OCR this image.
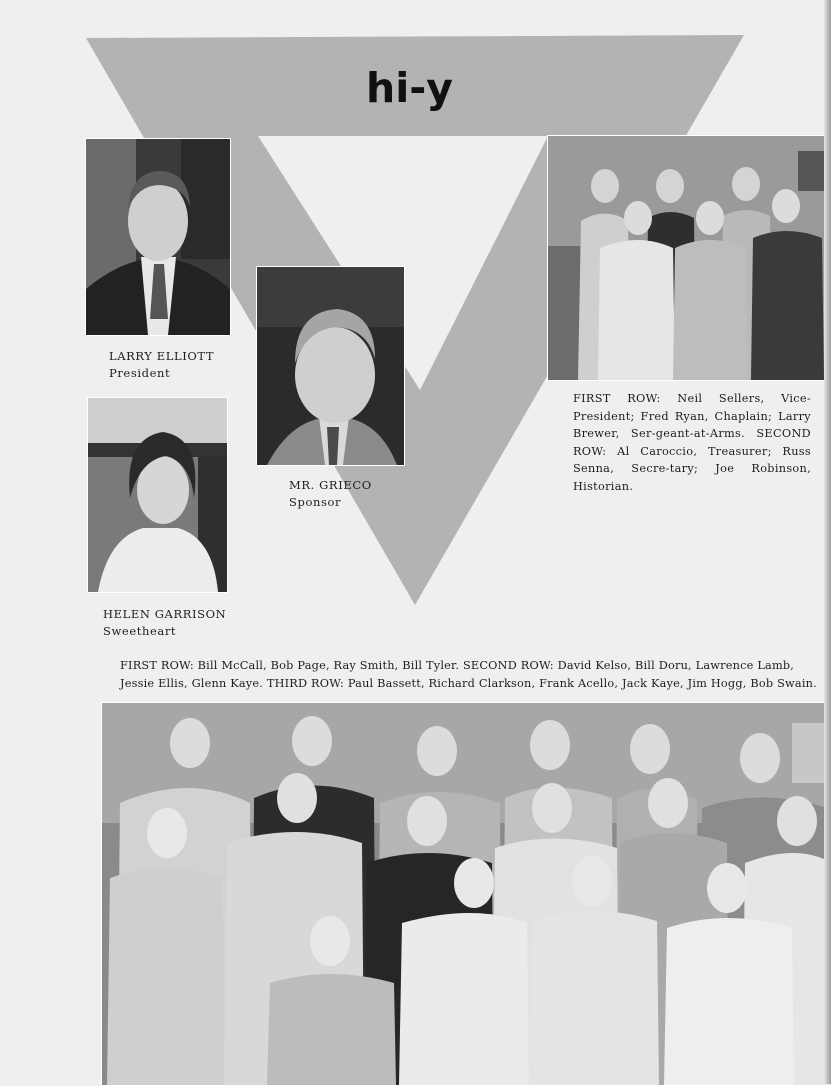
hi-y
LARRY ELLIOTT
President
MR. GRIECO
Sponsor
HELEN GARRISON
Sweetheart
FIRST ROW: Neil Sellers, Vice-President; Fred Ryan, Chaplain; Larry Brewer, Ser-geant-at-Arms. SECOND ROW: Al Caroccio, Treasurer; Russ Senna, Secre-tary; Joe Robinson, Historian.
FIRST ROW: Bill McCall, Bob Page, Ray Smith, Bill Tyler. SECOND ROW: David Kelso, Bill Doru, Lawrence Lamb, Jessie Ellis, Glenn Kaye. THIRD ROW: Paul Bassett, Richard Clarkson, Frank Acello, Jack Kaye, Jim Hogg, Bob Swain.
